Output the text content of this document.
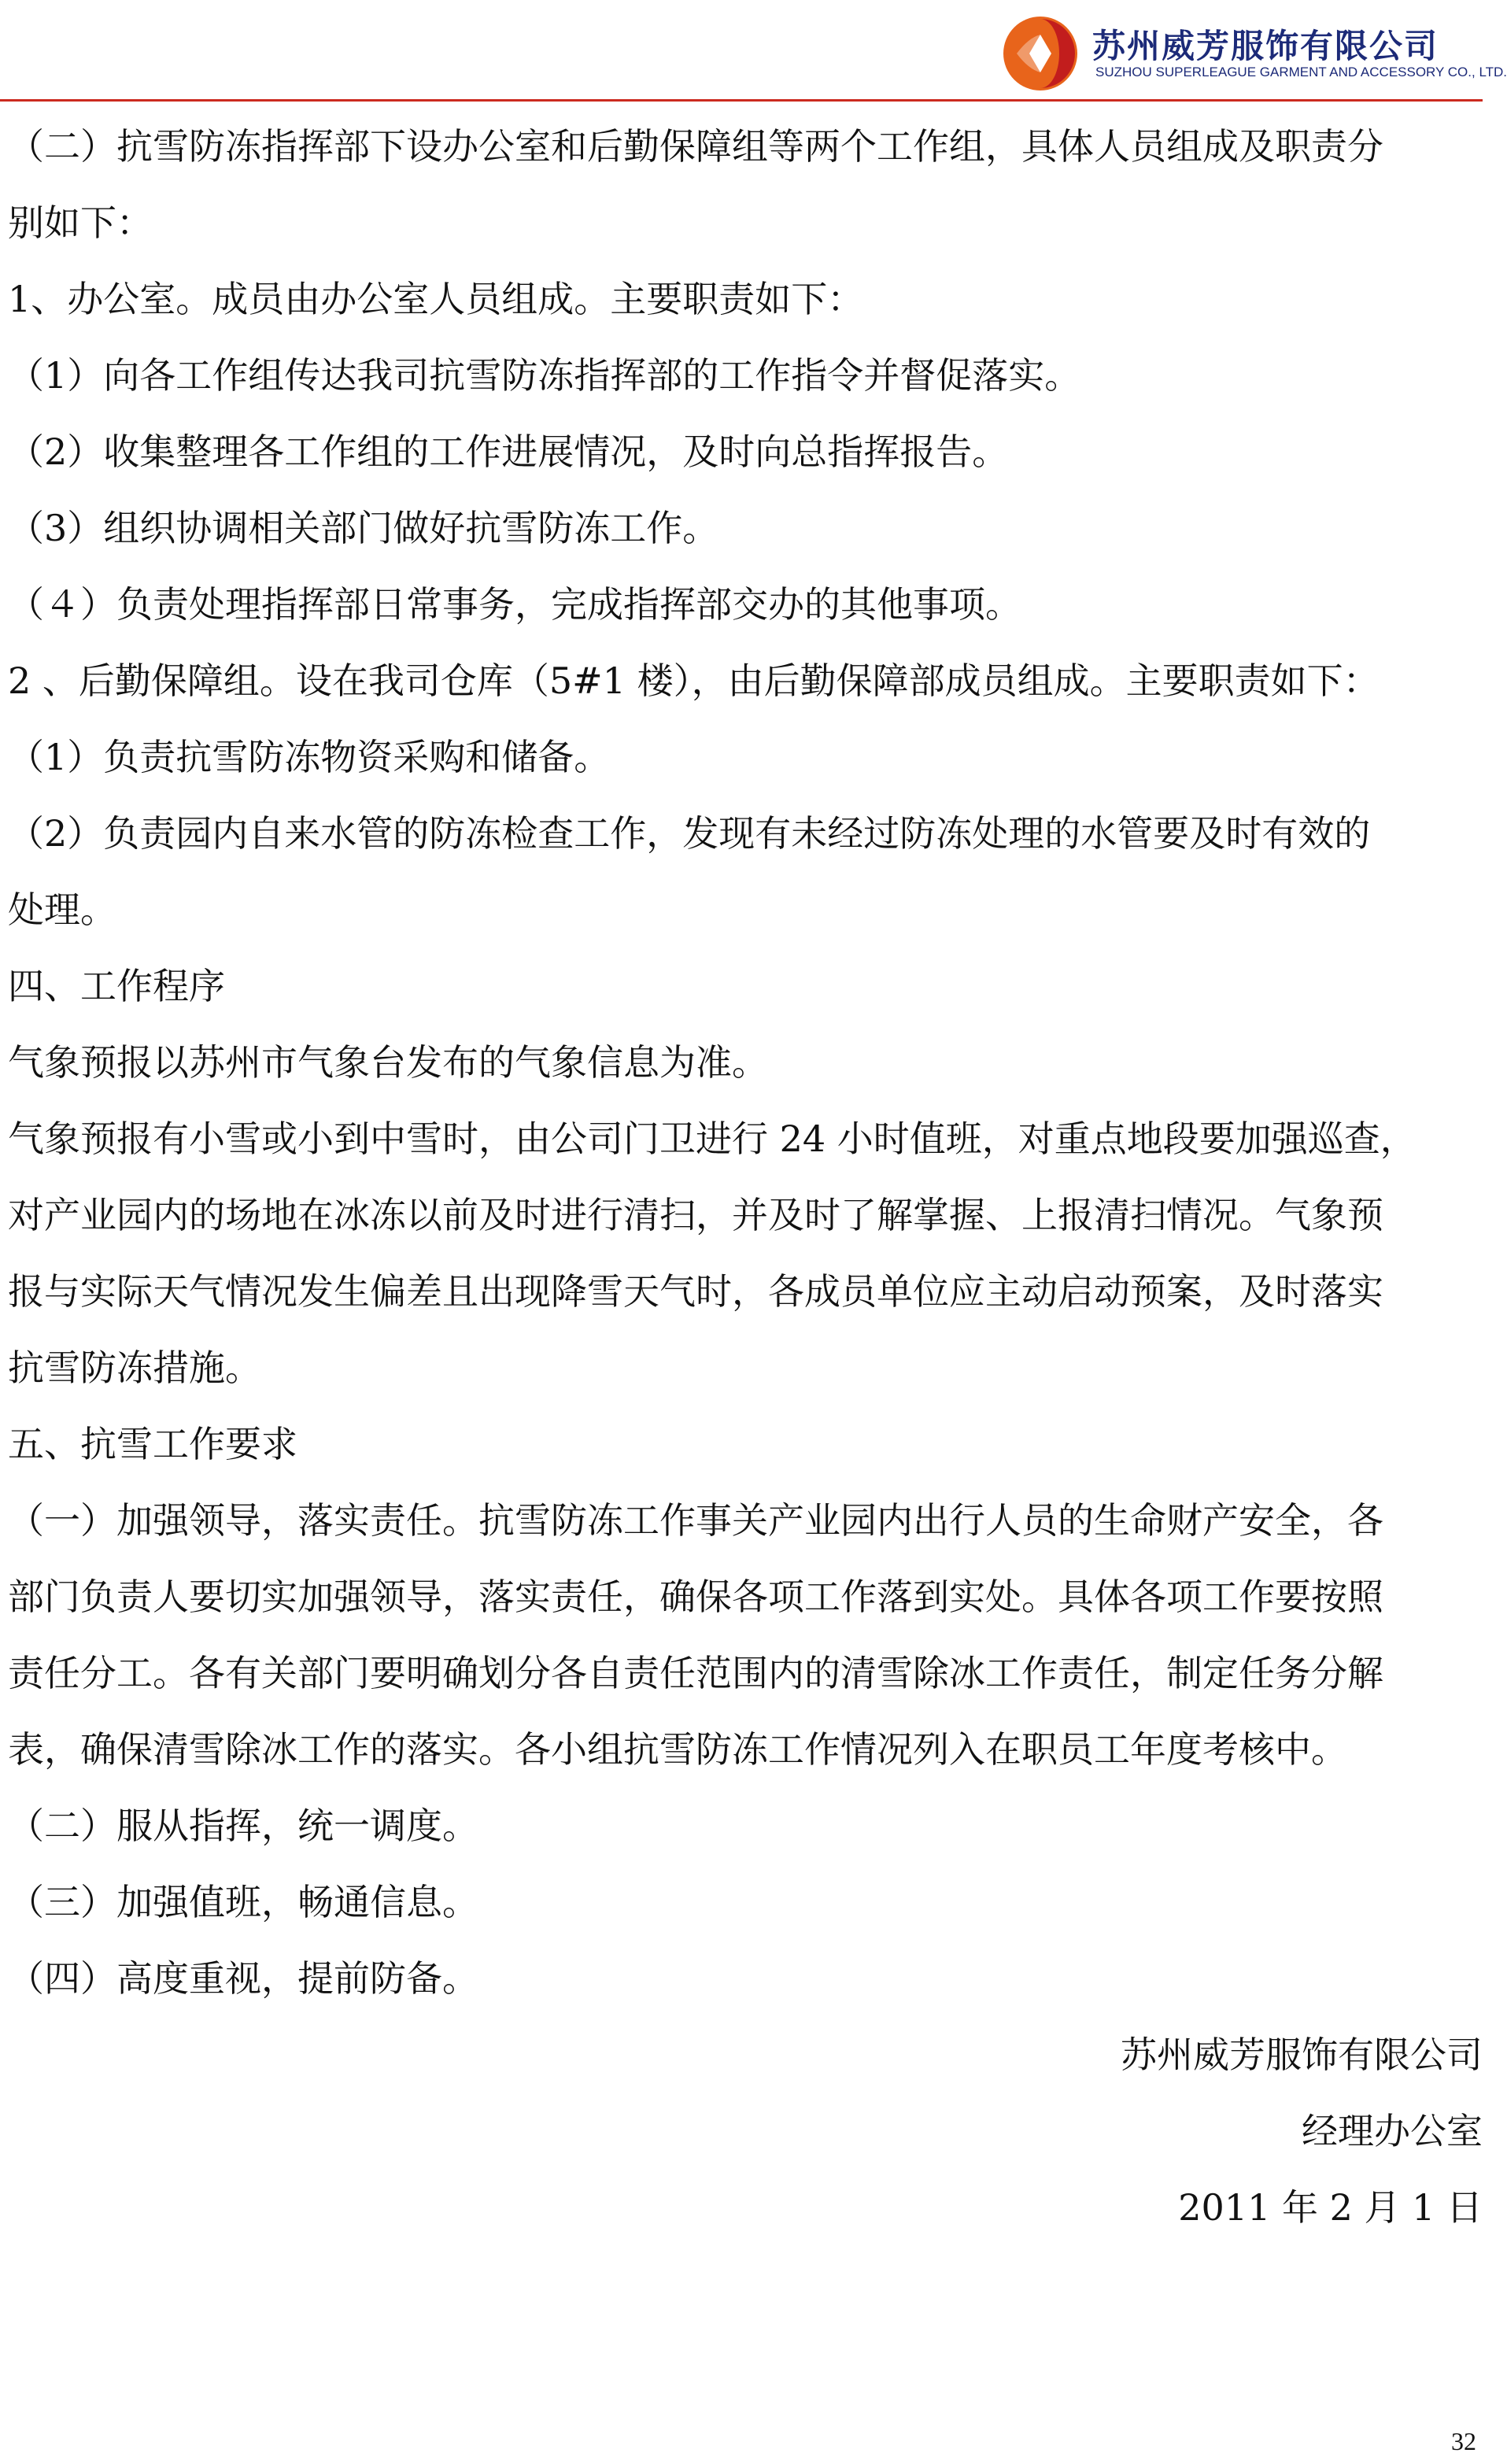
苏州威芳服饰有限公司
SUZHOU SUPERLEAGUE GARMENT AND ACCESSORY CO., LTD.
（二）抗雪防冻指挥部下设办公室和后勤保障组等两个工作组，具体人员组成及职责分
别如下：
1、办公室。成员由办公室人员组成。主要职责如下：
（1）向各工作组传达我司抗雪防冻指挥部的工作指令并督促落实。
（2）收集整理各工作组的工作进展情况，及时向总指挥报告。
（3）组织协调相关部门做好抗雪防冻工作。
（４）负责处理指挥部日常事务，完成指挥部交办的其他事项。
2 、后勤保障组。设在我司仓库（5#1 楼），由后勤保障部成员组成。主要职责如下：
（1）负责抗雪防冻物资采购和储备。
（2）负责园内自来水管的防冻检查工作，发现有未经过防冻处理的水管要及时有效的
处理。
四、工作程序
气象预报以苏州市气象台发布的气象信息为准。
气象预报有小雪或小到中雪时，由公司门卫进行 24 小时值班，对重点地段要加强巡查，
对产业园内的场地在冰冻以前及时进行清扫，并及时了解掌握、上报清扫情况。气象预
报与实际天气情况发生偏差且出现降雪天气时，各成员单位应主动启动预案，及时落实
抗雪防冻措施。
五、抗雪工作要求
（一）加强领导，落实责任。抗雪防冻工作事关产业园内出行人员的生命财产安全，各
部门负责人要切实加强领导，落实责任，确保各项工作落到实处。具体各项工作要按照
责任分工。各有关部门要明确划分各自责任范围内的清雪除冰工作责任，制定任务分解
表，确保清雪除冰工作的落实。各小组抗雪防冻工作情况列入在职员工年度考核中。
（二）服从指挥，统一调度。
（三）加强值班，畅通信息。
（四）高度重视，提前防备。
苏州威芳服饰有限公司
经理办公室
2011 年 2 月 1 日
32
